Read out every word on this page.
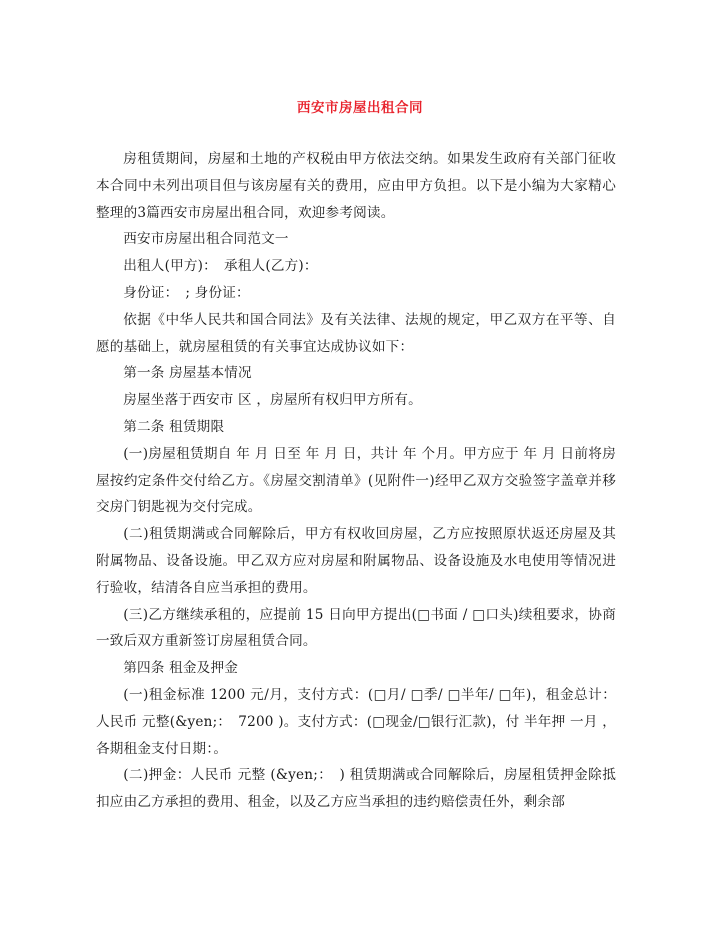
西安市房屋出租合同

房租赁期间，房屋和土地的产权税由甲方依法交纳。如果发生政府有关部门征收本合同中未列出项目但与该房屋有关的费用，应由甲方负担。以下是小编为大家精心整理的3篇西安市房屋出租合同，欢迎参考阅读。

西安市房屋出租合同范文一

出租人(甲方)：　承租人(乙方)：

身份证：　; 身份证：

依据《中华人民共和国合同法》及有关法律、法规的规定，甲乙双方在平等、自愿的基础上，就房屋租赁的有关事宜达成协议如下：

第一条 房屋基本情况

房屋坐落于西安市 区 ，房屋所有权归甲方所有。

第二条 租赁期限

(一)房屋租赁期自 年 月 日至 年 月 日，共计 年 个月。甲方应于 年 月 日前将房屋按约定条件交付给乙方。《房屋交割清单》(见附件一)经甲乙双方交验签字盖章并移交房门钥匙视为交付完成。

(二)租赁期满或合同解除后，甲方有权收回房屋，乙方应按照原状返还房屋及其附属物品、设备设施。甲乙双方应对房屋和附属物品、设备设施及水电使用等情况进行验收，结清各自应当承担的费用。

(三)乙方继续承租的，应提前 15 日向甲方提出(□书面 / □口头)续租要求，协商一致后双方重新签订房屋租赁合同。

第四条 租金及押金

(一)租金标准 1200 元/月，支付方式：(□月/ □季/ □半年/ □年)，租金总计：人民币 元整(&yen;：　7200 )。支付方式：(□现金/□银行汇款)，付 半年押 一月 ，各期租金支付日期：。

(二)押金：人民币 元整 (&yen;：　) 租赁期满或合同解除后，房屋租赁押金除抵扣应由乙方承担的费用、租金，以及乙方应当承担的违约赔偿责任外，剩余部
